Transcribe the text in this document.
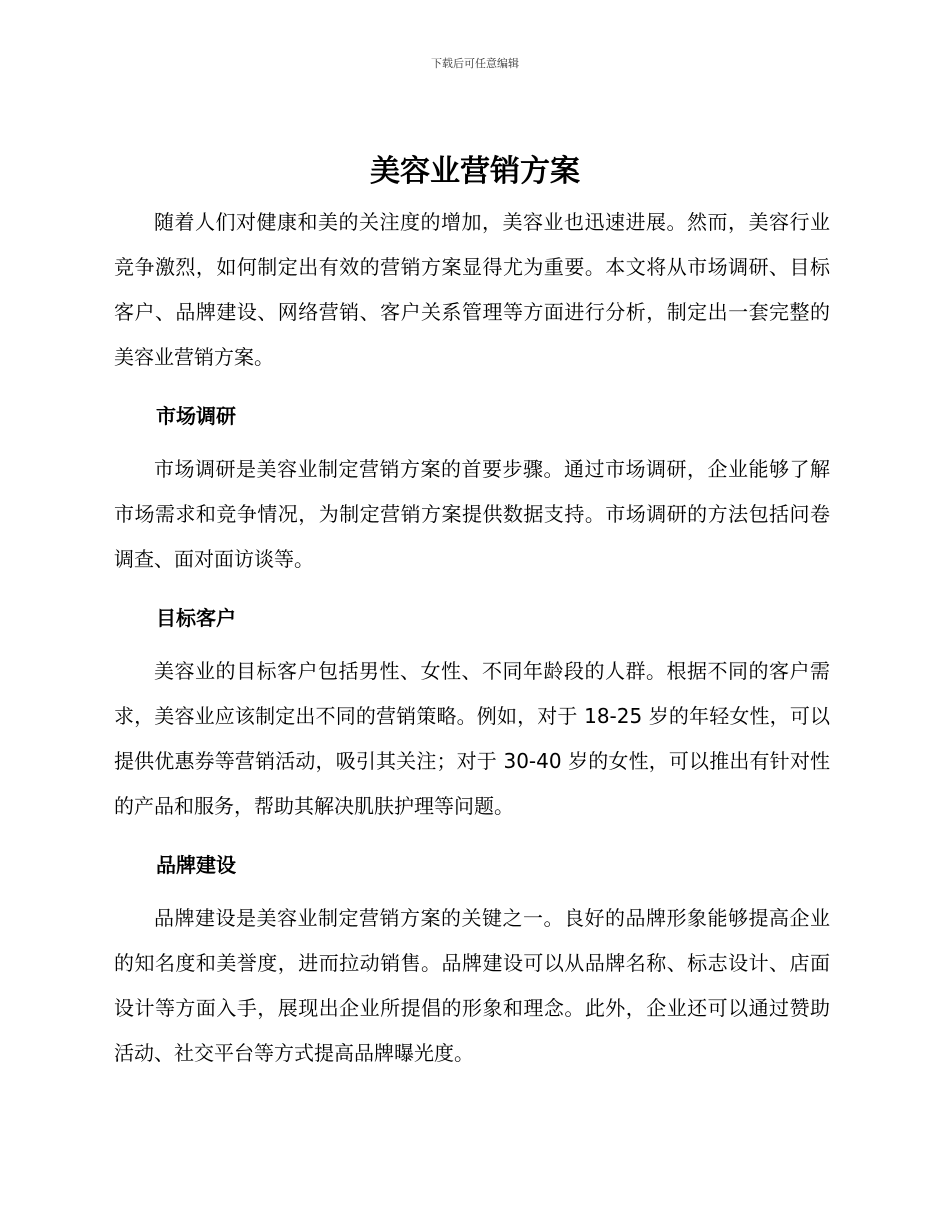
下载后可任意编辑
美容业营销方案

随着人们对健康和美的关注度的增加，美容业也迅速进展。然而，美容行业竞争激烈，如何制定出有效的营销方案显得尤为重要。本文将从市场调研、目标客户、品牌建设、网络营销、客户关系管理等方面进行分析，制定出一套完整的美容业营销方案。

市场调研

市场调研是美容业制定营销方案的首要步骤。通过市场调研，企业能够了解市场需求和竞争情况，为制定营销方案提供数据支持。市场调研的方法包括问卷调查、面对面访谈等。

目标客户

美容业的目标客户包括男性、女性、不同年龄段的人群。根据不同的客户需求，美容业应该制定出不同的营销策略。例如，对于 18-25 岁的年轻女性，可以提供优惠券等营销活动，吸引其关注；对于 30-40 岁的女性，可以推出有针对性的产品和服务，帮助其解决肌肤护理等问题。

品牌建设

品牌建设是美容业制定营销方案的关键之一。良好的品牌形象能够提高企业的知名度和美誉度，进而拉动销售。品牌建设可以从品牌名称、标志设计、店面设计等方面入手，展现出企业所提倡的形象和理念。此外，企业还可以通过赞助活动、社交平台等方式提高品牌曝光度。
